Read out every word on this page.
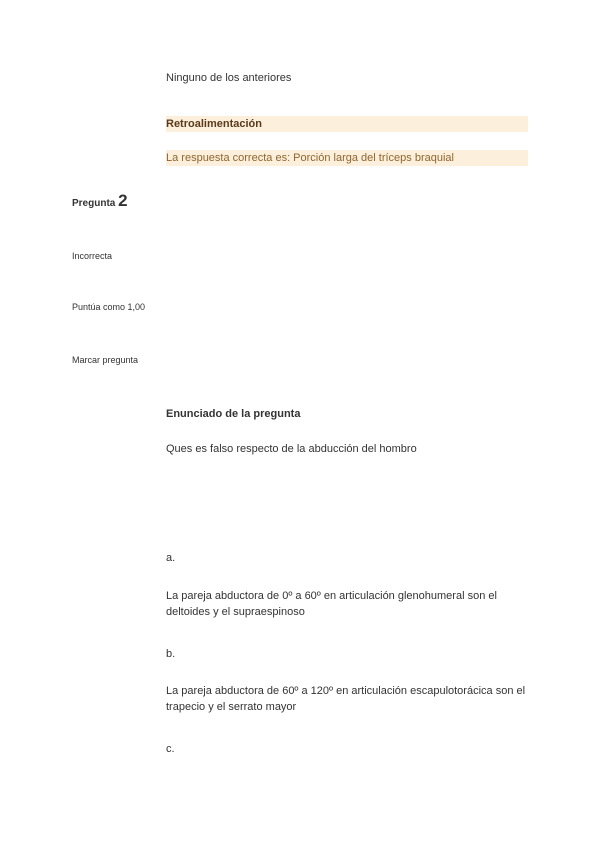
Ninguno de los anteriores
Retroalimentación
La respuesta correcta es: Porción larga del tríceps braquial
Pregunta 2
Incorrecta
Puntúa como 1,00
Marcar pregunta
Enunciado de la pregunta
Ques es falso respecto de la abducción del hombro
a.
La pareja abductora de 0º a 60º en articulación glenohumeral son el deltoides y el supraespinoso
b.
La pareja abductora de 60º a 120º en articulación escapulotorácica son el trapecio y el serrato mayor
c.
